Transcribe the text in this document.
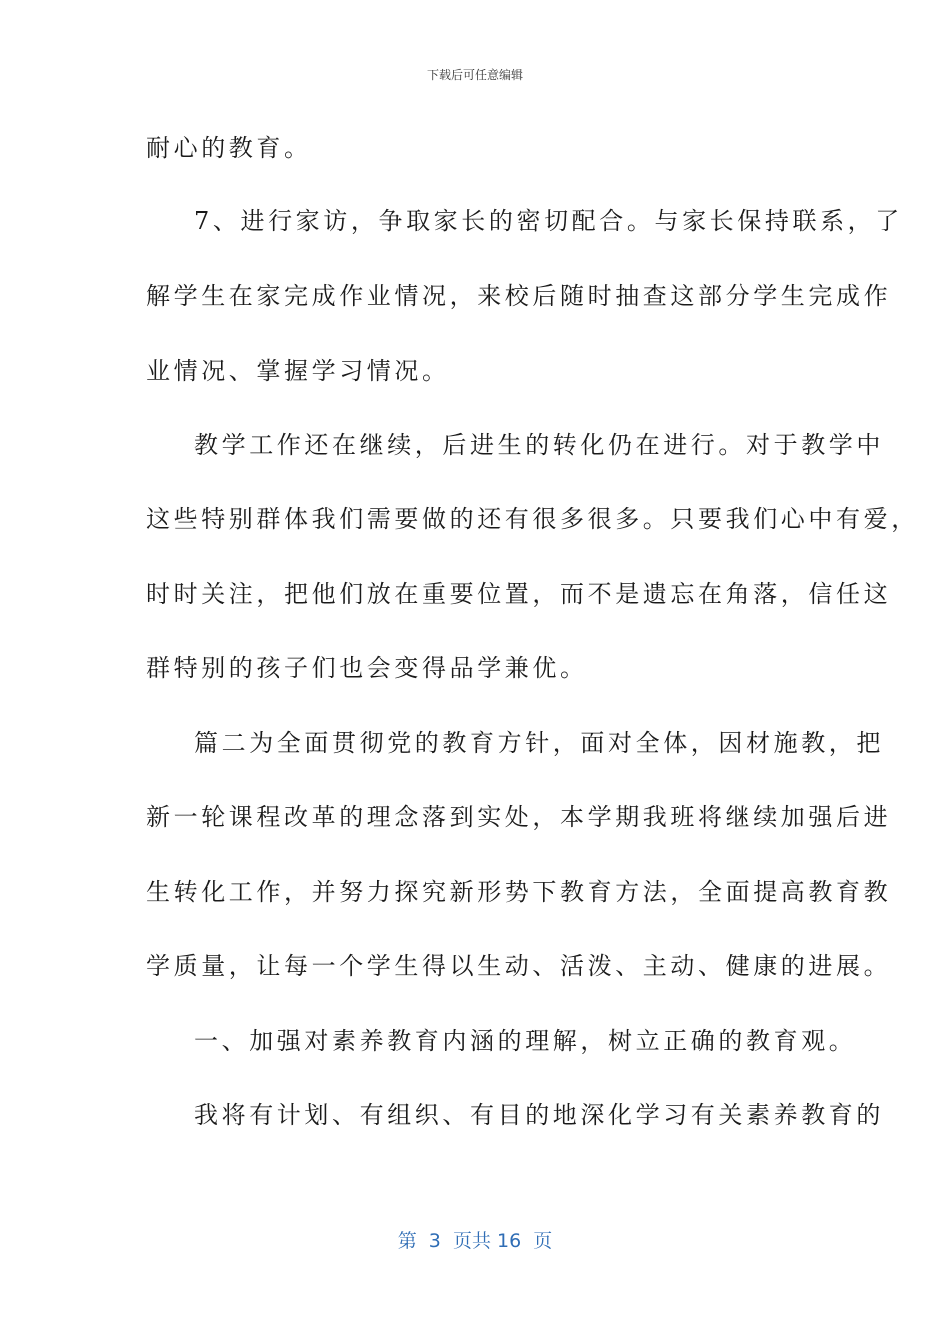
下载后可任意编辑
耐心的教育。
7、进行家访，争取家长的密切配合。与家长保持联系，了
解学生在家完成作业情况，来校后随时抽查这部分学生完成作
业情况、掌握学习情况。
教学工作还在继续，后进生的转化仍在进行。对于教学中
这些特别群体我们需要做的还有很多很多。只要我们心中有爱，
时时关注，把他们放在重要位置，而不是遗忘在角落，信任这
群特别的孩子们也会变得品学兼优。
篇二为全面贯彻党的教育方针，面对全体，因材施教，把
新一轮课程改革的理念落到实处，本学期我班将继续加强后进
生转化工作，并努力探究新形势下教育方法，全面提高教育教
学质量，让每一个学生得以生动、活泼、主动、健康的进展。
一、加强对素养教育内涵的理解，树立正确的教育观。
我将有计划、有组织、有目的地深化学习有关素养教育的
第  3  页共 16  页
